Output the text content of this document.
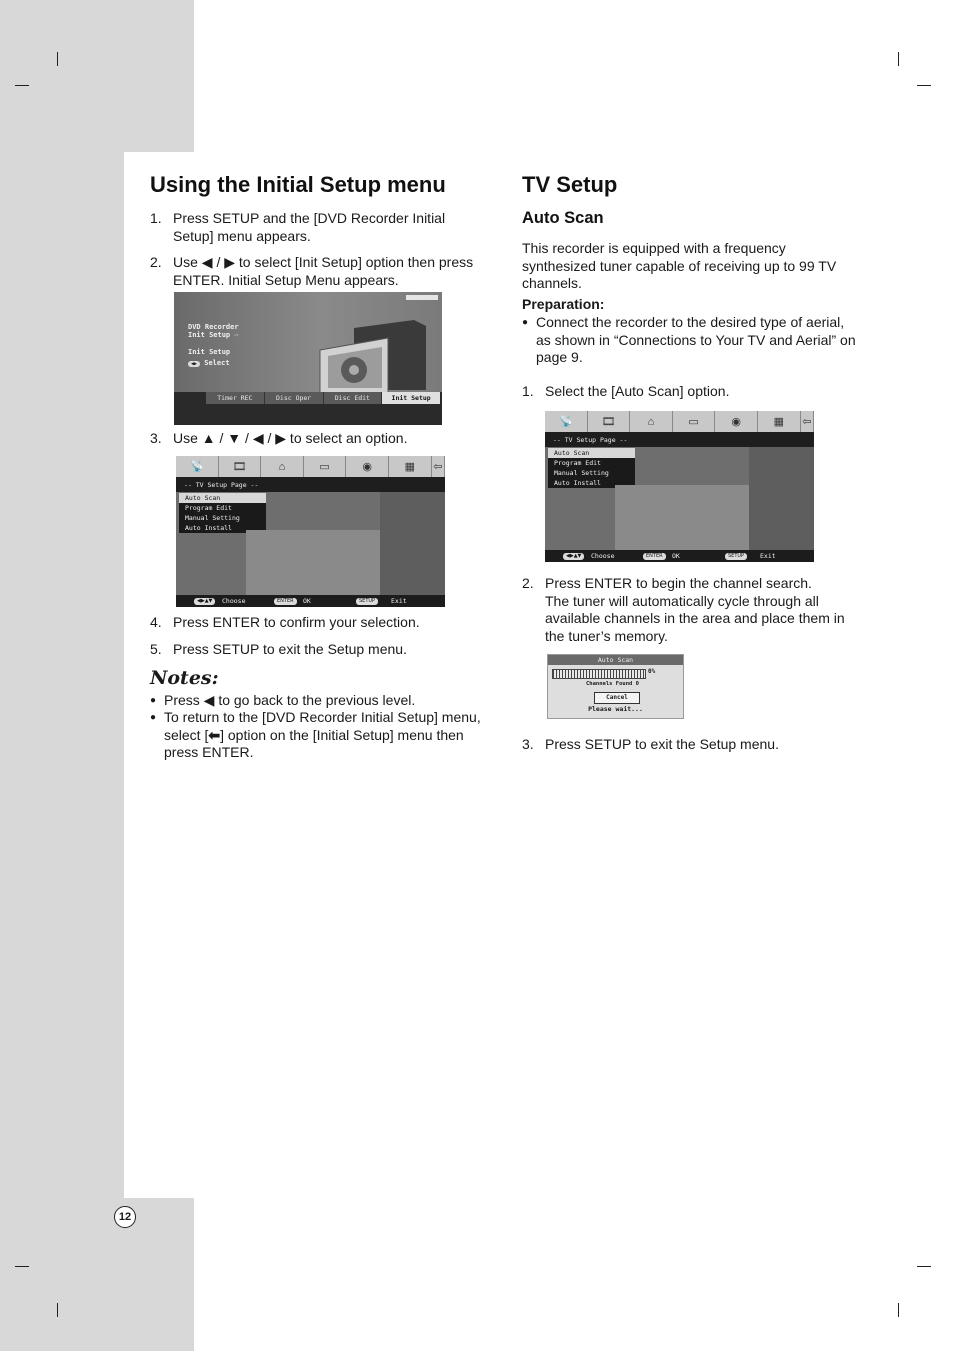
12
Using the Initial Setup menu
1. Press SETUP and the [DVD Recorder Initial
Setup] menu appears.
2. Use ◀ / ▶ to select [Init Setup] option then press
ENTER. Initial Setup Menu appears.
DVD Recorder
Init Setup ⇨
Init Setup
◀▶ Select
Timer REC	Disc Oper	Disc Edit	Init Setup
3. Use ▲ / ▼ / ◀ / ▶ to select an option.
📡	🎞	⌂	▭	◉	▦	⇦
-- TV Setup Page --
Auto Scan
Program Edit
Manual Setting
Auto Install
◀▶▲▼	Choose	ENTER	OK	SETUP	Exit
4. Press ENTER to confirm your selection.
5. Press SETUP to exit the Setup menu.
Notes:
● Press ◀ to go back to the previous level.
● To return to the [DVD Recorder Initial Setup] menu,
select [⬅] option on the [Initial Setup] menu then
press ENTER.
TV Setup
Auto Scan
This recorder is equipped with a frequency
synthesized tuner capable of receiving up to 99 TV
channels.
Preparation:
● Connect the recorder to the desired type of aerial,
as shown in “Connections to Your TV and Aerial” on
page 9.
1. Select the [Auto Scan] option.
📡	🎞	⌂	▭	◉	▦	⇦
-- TV Setup Page --
Auto Scan
Program Edit
Manual Setting
Auto Install
◀▶▲▼	Choose	ENTER	OK	SETUP	Exit
2. Press ENTER to begin the channel search.
The tuner will automatically cycle through all
available channels in the area and place them in
the tuner’s memory.
Auto Scan
0%
Channels Found 0
Cancel
Please wait...
3. Press SETUP to exit the Setup menu.
